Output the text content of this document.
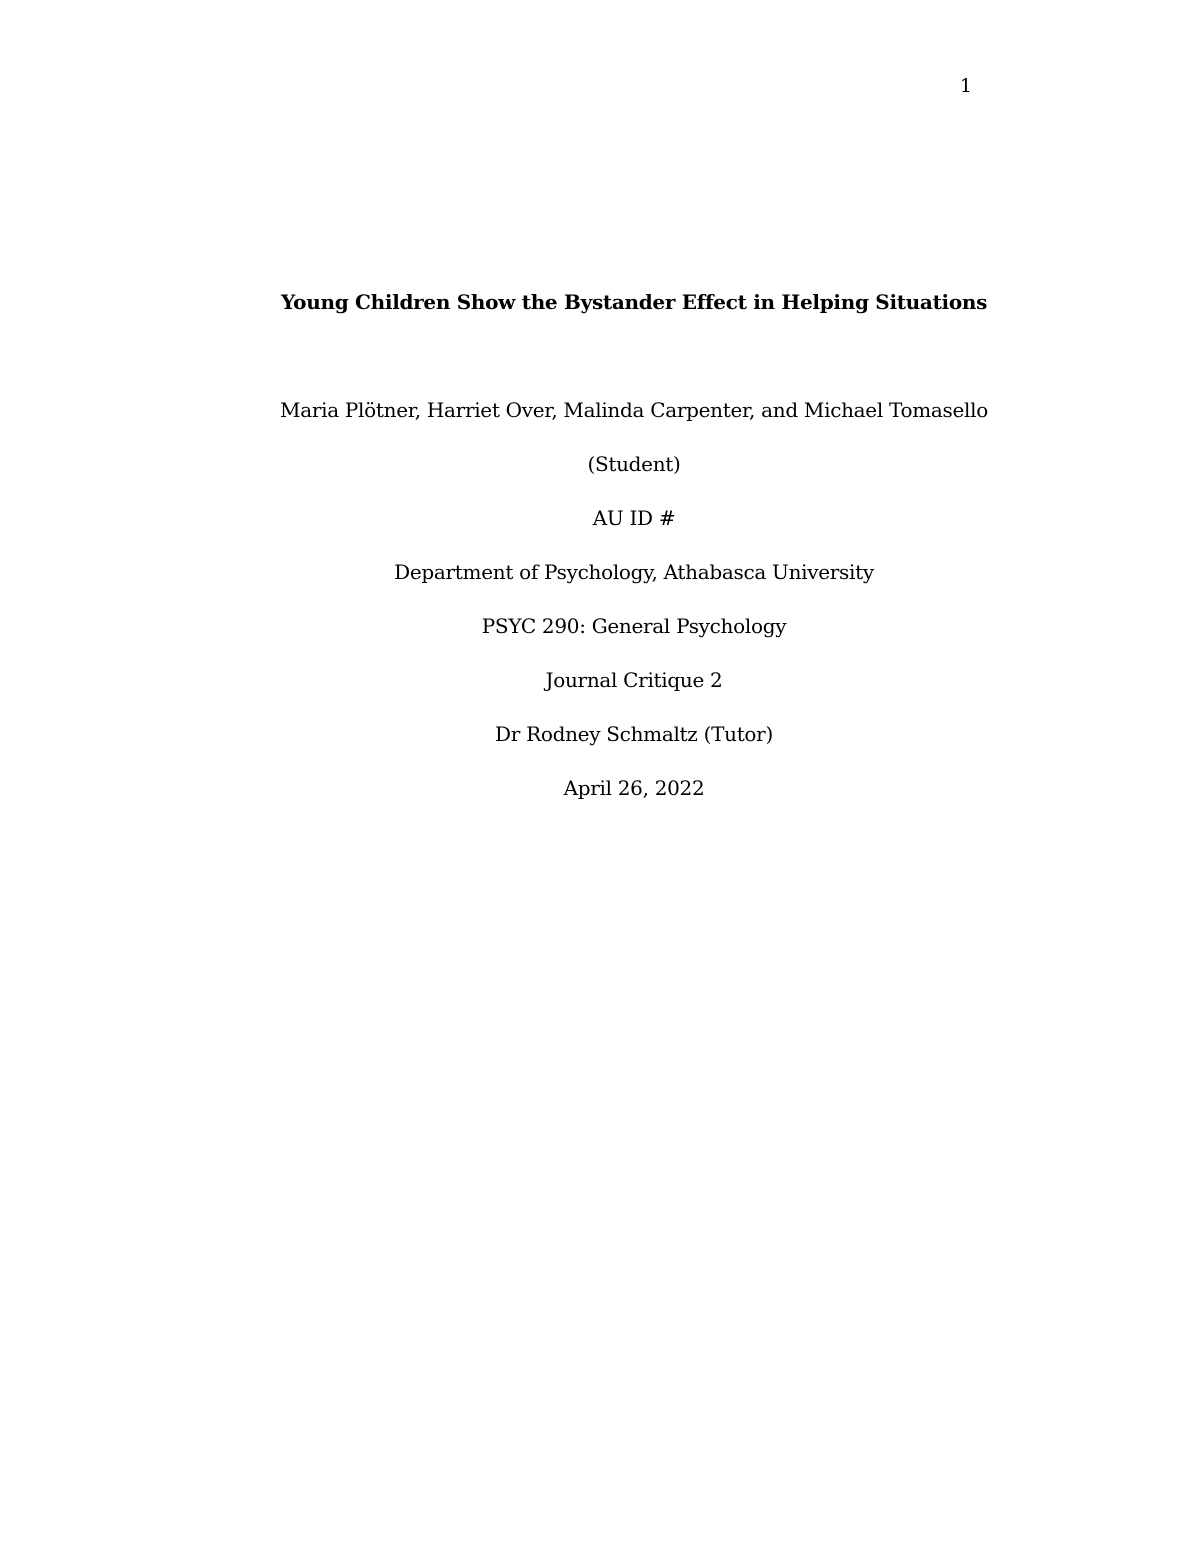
1
Young Children Show the Bystander Effect in Helping Situations
Maria Plötner, Harriet Over, Malinda Carpenter, and Michael Tomasello
(Student)
AU ID #
Department of Psychology, Athabasca University
PSYC 290: General Psychology
Journal Critique 2
Dr Rodney Schmaltz (Tutor)
April 26, 2022
